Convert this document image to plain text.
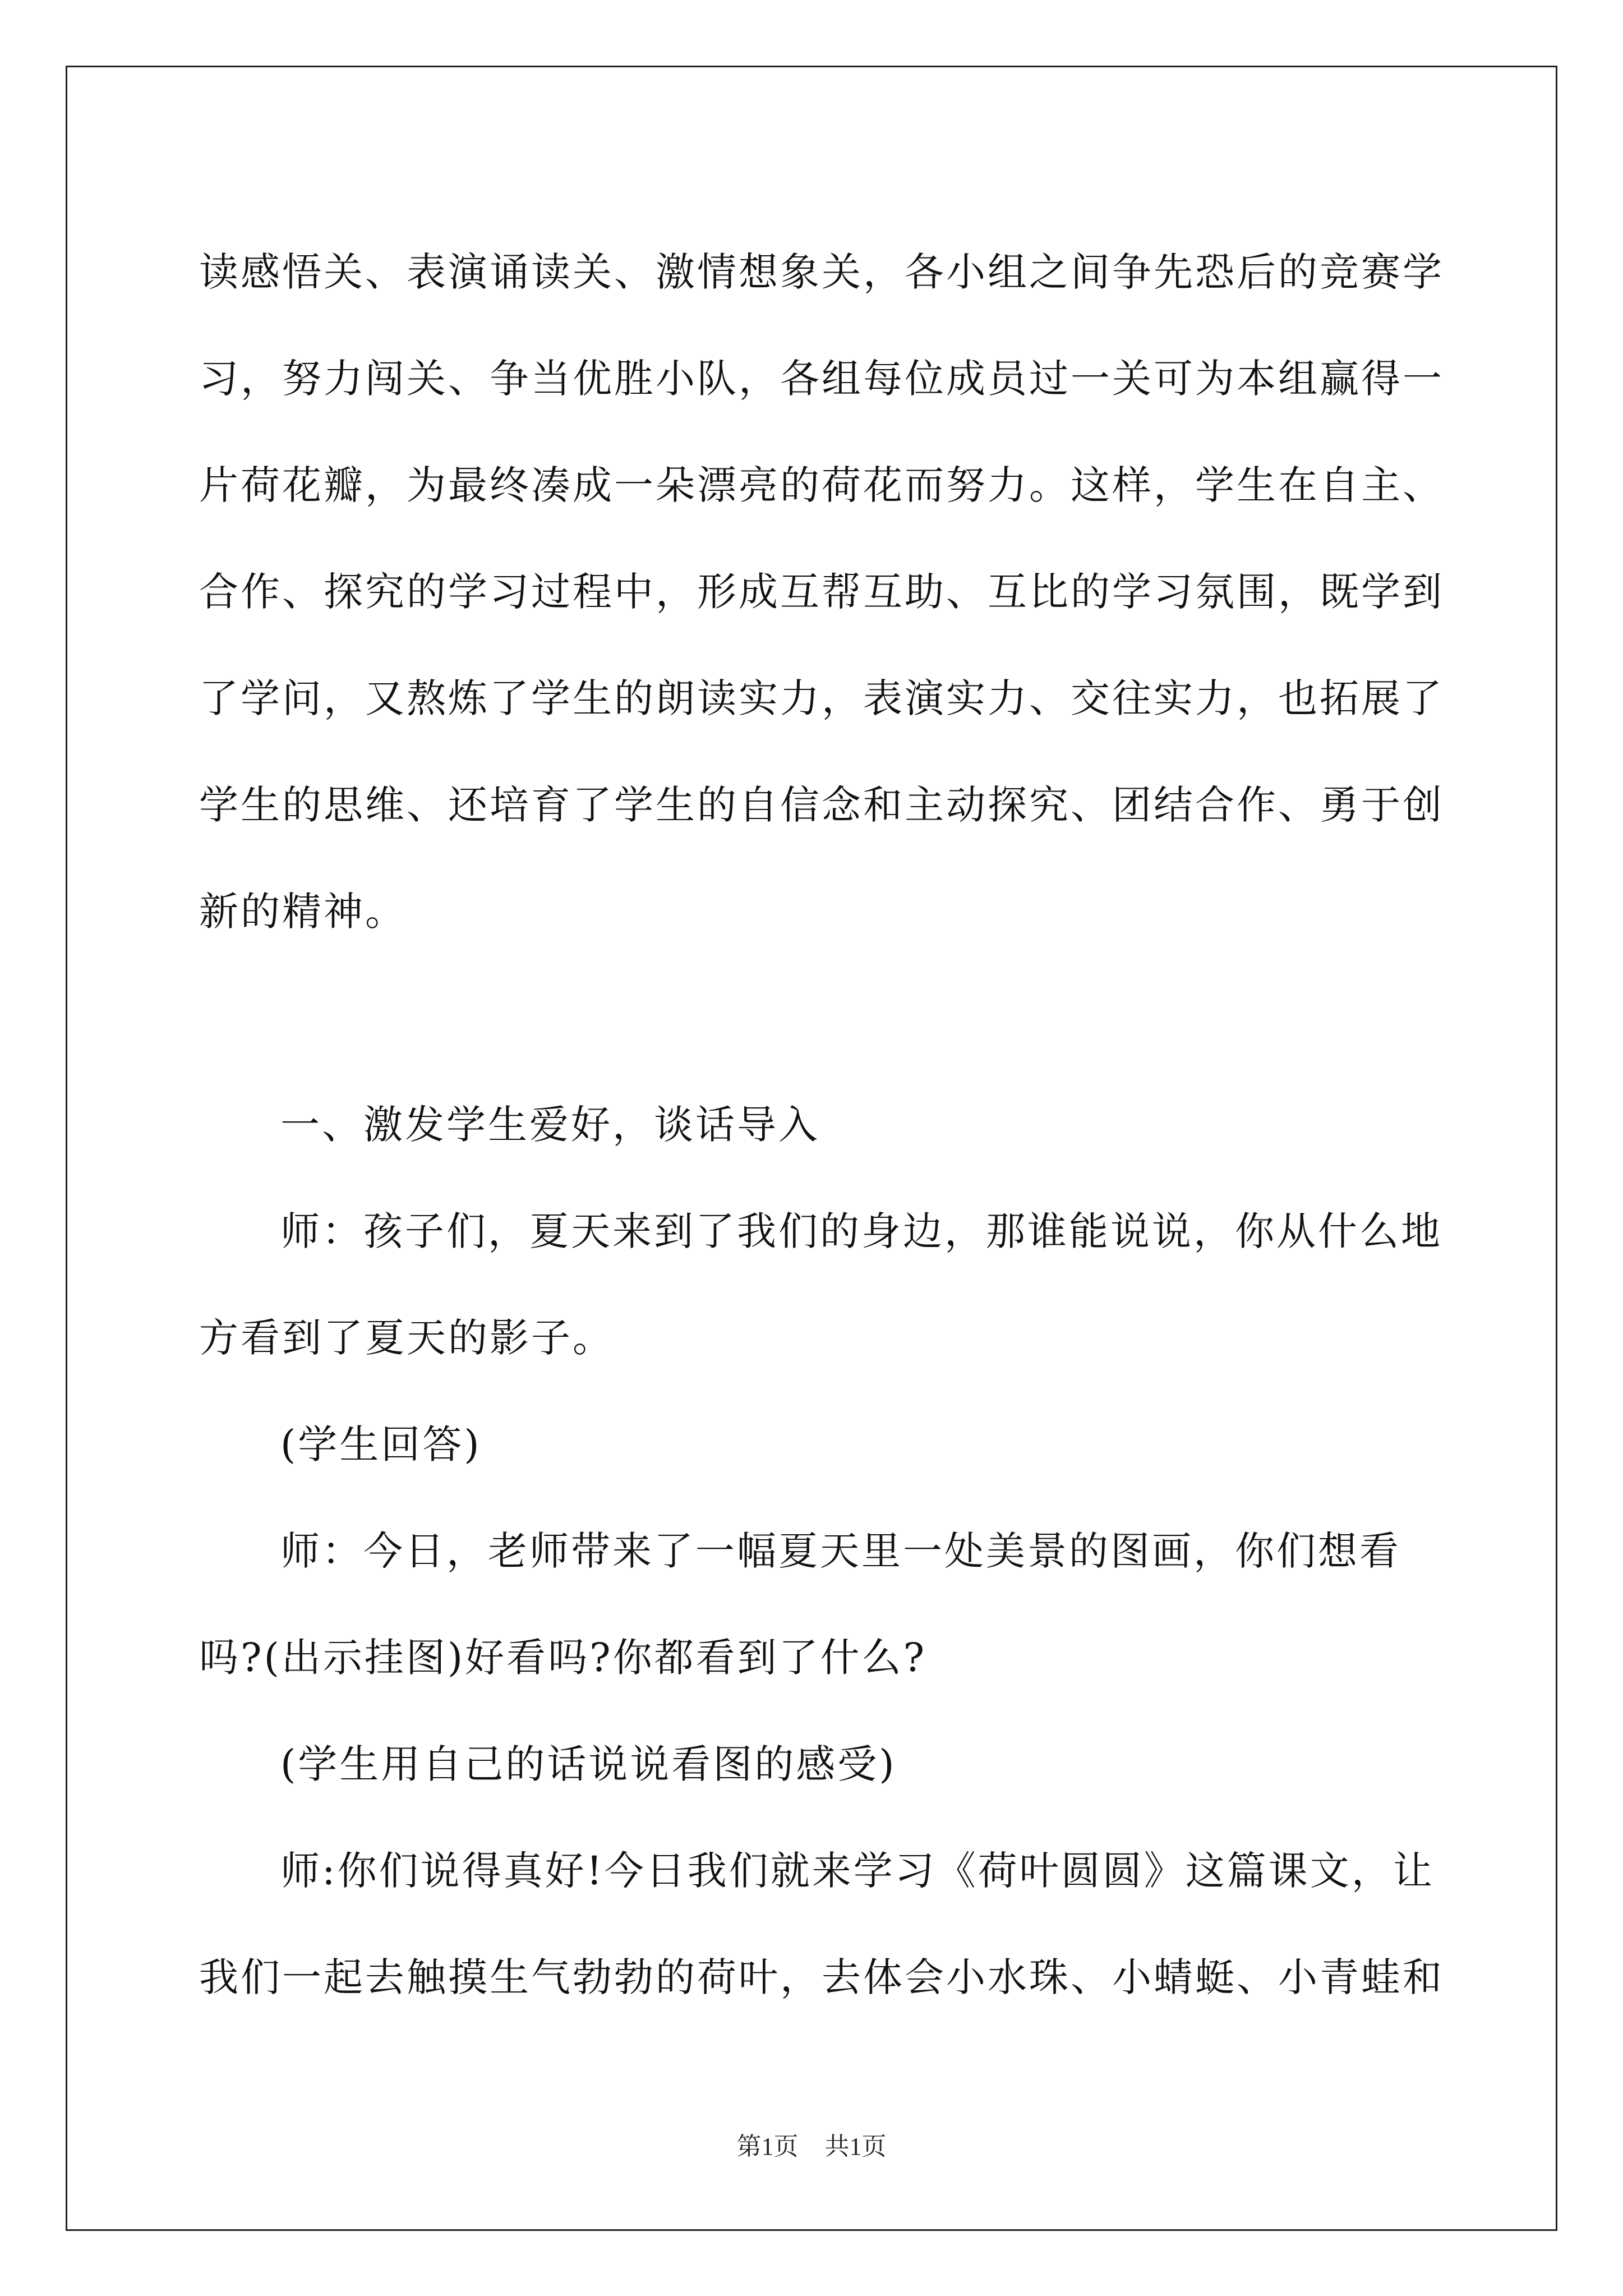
读感悟关、表演诵读关、激情想象关，各小组之间争先恐后的竞赛学
习，努力闯关、争当优胜小队，各组每位成员过一关可为本组赢得一
片荷花瓣，为最终凑成一朵漂亮的荷花而努力。这样，学生在自主、
合作、探究的学习过程中，形成互帮互助、互比的学习氛围，既学到
了学问，又熬炼了学生的朗读实力，表演实力、交往实力，也拓展了
学生的思维、还培育了学生的自信念和主动探究、团结合作、勇于创
新的精神。
一、激发学生爱好，谈话导入
师：孩子们，夏天来到了我们的身边，那谁能说说，你从什么地
方看到了夏天的影子。
(学生回答)
师：今日，老师带来了一幅夏天里一处美景的图画，你们想看
吗?(出示挂图)好看吗?你都看到了什么?
(学生用自己的话说说看图的感受)
师:你们说得真好!今日我们就来学习《荷叶圆圆》这篇课文，让
我们一起去触摸生气勃勃的荷叶，去体会小水珠、小蜻蜓、小青蛙和
第1页 共1页
